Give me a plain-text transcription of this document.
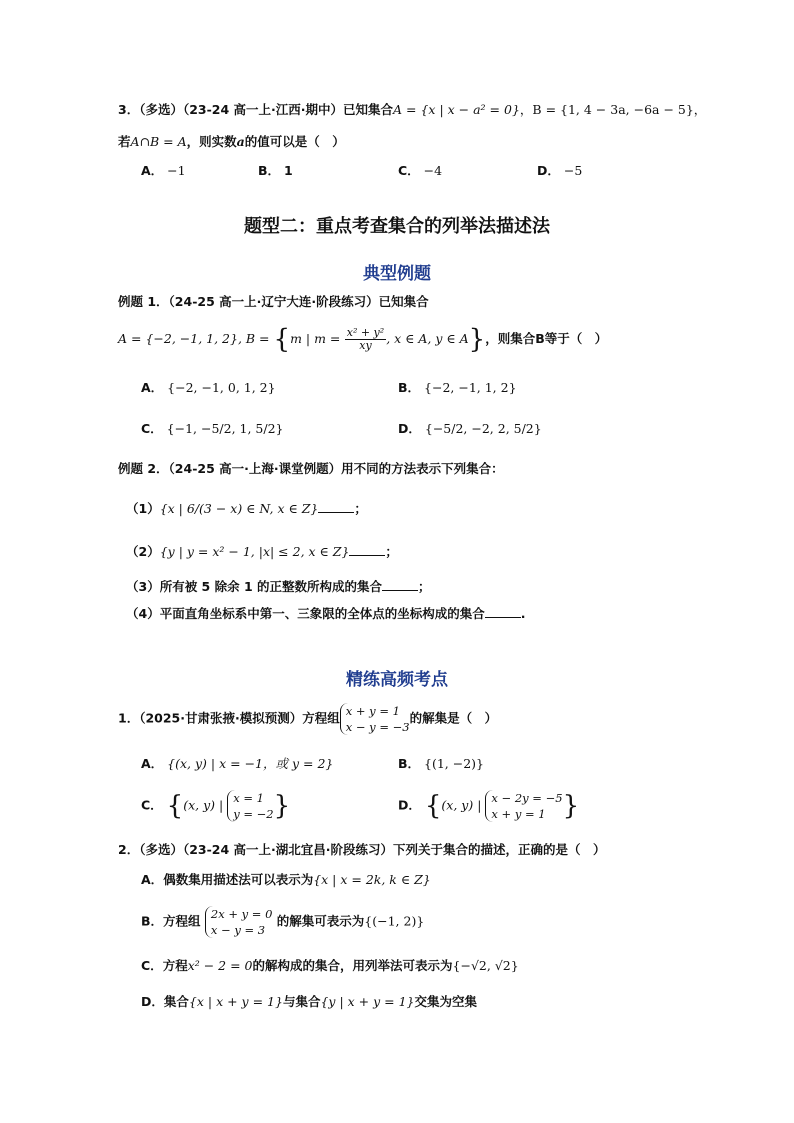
3．（多选）（23-24 高一上·江西·期中）已知集合A = {x | x − a² = 0}，B = {1, 4 − 3a, −6a − 5}，
若A∩B = A，则实数a的值可以是（　）
A． −1	B． 1	C． −4	D． −5
题型二：重点考查集合的列举法描述法
典型例题
例题 1．（24-25 高一上·辽宁大连·阶段练习）已知集合
A = {−2, −1, 1, 2}, B = {m | $m = \frac{\text{x² + y²}}{xy}$ , x ∈ A, y ∈ A}，则集合B等于（　）
A． {−2, −1, 0, 1, 2}	B． {−2, −1, 1, 2}
C． {−1, −5/2, 1, 5/2}	D． {−5/2, −2, 2, 5/2}
例题 2．（24-25 高一·上海·课堂例题）用不同的方法表示下列集合：
（1）{x | 6/(3 − x) ∈ N, x ∈ Z}	；
（2）{y | y = x² − 1, |x| ≤ 2, x ∈ Z}	；
（3）所有被 5 除余 1 的正整数所构成的集合	；
（4）平面直角坐标系中第一、三象限的全体点的坐标构成的集合	.
精练高频考点
1．（2025·甘肃张掖·模拟预测）方程组 x + y = 1
x − y = −3的解集是（　）
A． {(x, y) | x = −1，或 y = 2}	B． {(1, −2)}
C． {(x, y) | x = 1
y = −2}	D． {(x, y) | x − 2y = −5
x + y = 1 }
2．（多选）（23-24 高一上·湖北宜昌·阶段练习）下列关于集合的描述，正确的是（　）
A．偶数集用描述法可以表示为{x | x = 2k, k ∈ Z}
B．方程组 2x + y = 0
x − y = 3 的解集可表示为{(−1, 2)}
C．方程x² − 2 = 0的解构成的集合，用列举法可表示为{−√2, √2}
D．集合{x | x + y = 1}与集合{y | x + y = 1}交集为空集
